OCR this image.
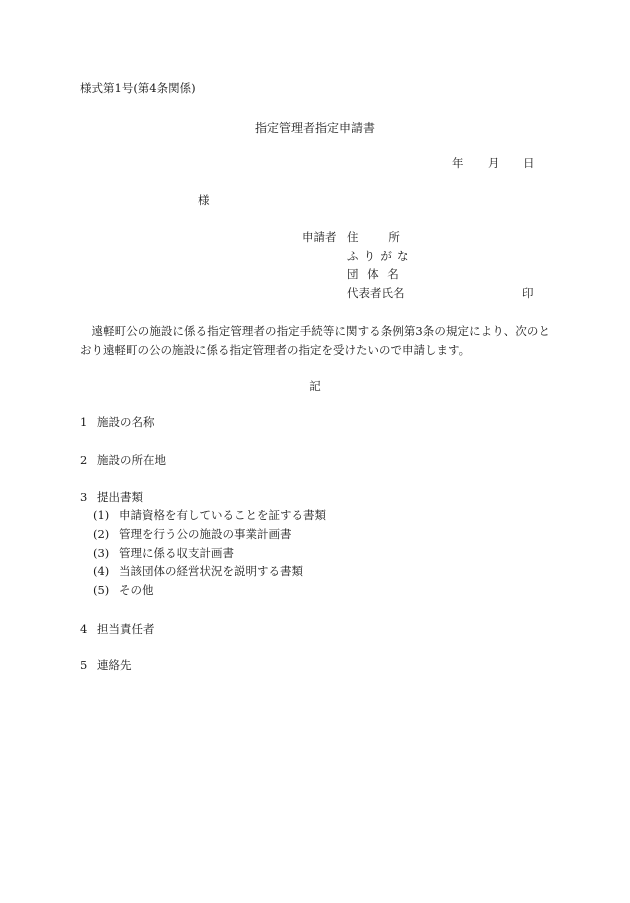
様式第1号(第4条関係)
指定管理者指定申請書
年 月 日
様
申請者 住所
ふりがな
団体名
代表者氏名	印
遠軽町公の施設に係る指定管理者の指定手続等に関する条例第3条の規定により、次のとおり遠軽町の公の施設に係る指定管理者の指定を受けたいので申請します。
記
1 施設の名称
2 施設の所在地
3 提出書類
(1) 申請資格を有していることを証する書類
(2) 管理を行う公の施設の事業計画書
(3) 管理に係る収支計画書
(4) 当該団体の経営状況を説明する書類
(5) その他
4 担当責任者
5 連絡先
